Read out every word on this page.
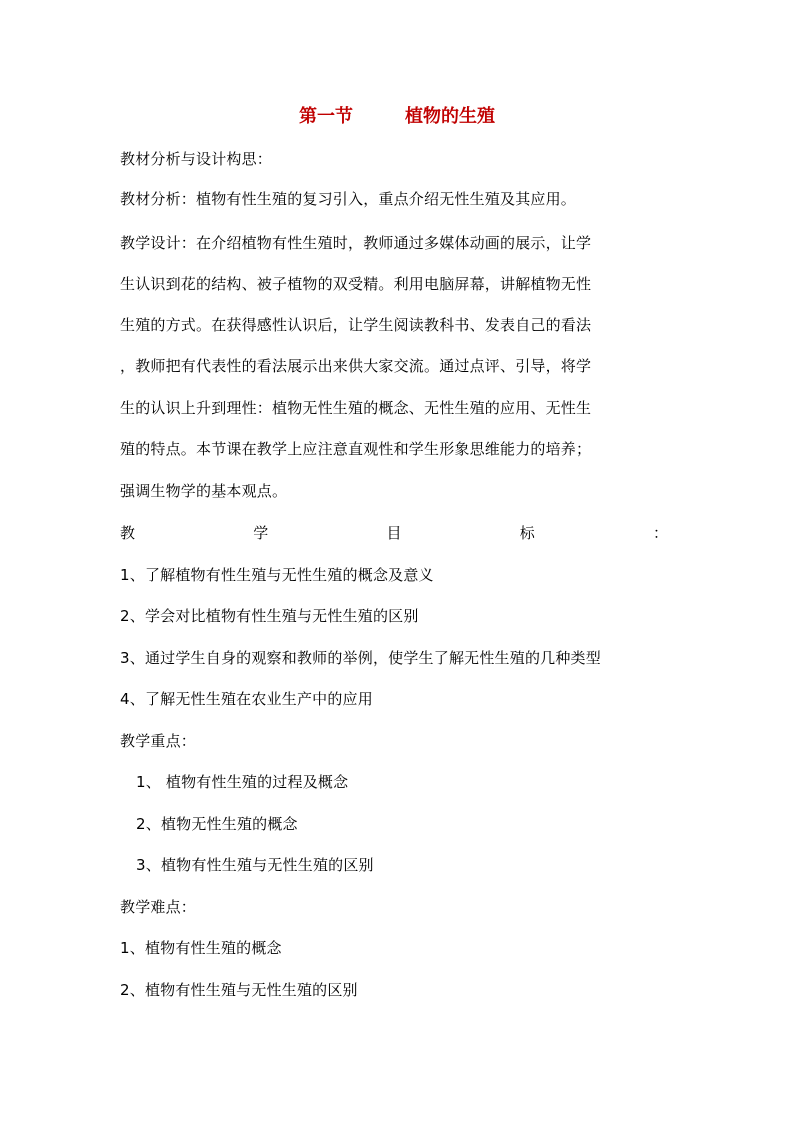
第一节	植物的生殖
教材分析与设计构思：
教材分析：植物有性生殖的复习引入，重点介绍无性生殖及其应用。
教学设计：在介绍植物有性生殖时，教师通过多媒体动画的展示，让学
生认识到花的结构、被子植物的双受精。利用电脑屏幕，讲解植物无性
生殖的方式。在获得感性认识后，让学生阅读教科书、发表自己的看法
，教师把有代表性的看法展示出来供大家交流。通过点评、引导，将学
生的认识上升到理性：植物无性生殖的概念、无性生殖的应用、无性生
殖的特点。本节课在教学上应注意直观性和学生形象思维能力的培养；
强调生物学的基本观点。
教	学	目	标	：
1、了解植物有性生殖与无性生殖的概念及意义
2、学会对比植物有性生殖与无性生殖的区别
3、通过学生自身的观察和教师的举例，使学生了解无性生殖的几种类型
4、了解无性生殖在农业生产中的应用
教学重点：
1、 植物有性生殖的过程及概念
2、植物无性生殖的概念
3、植物有性生殖与无性生殖的区别
教学难点：
1、植物有性生殖的概念
2、植物有性生殖与无性生殖的区别
